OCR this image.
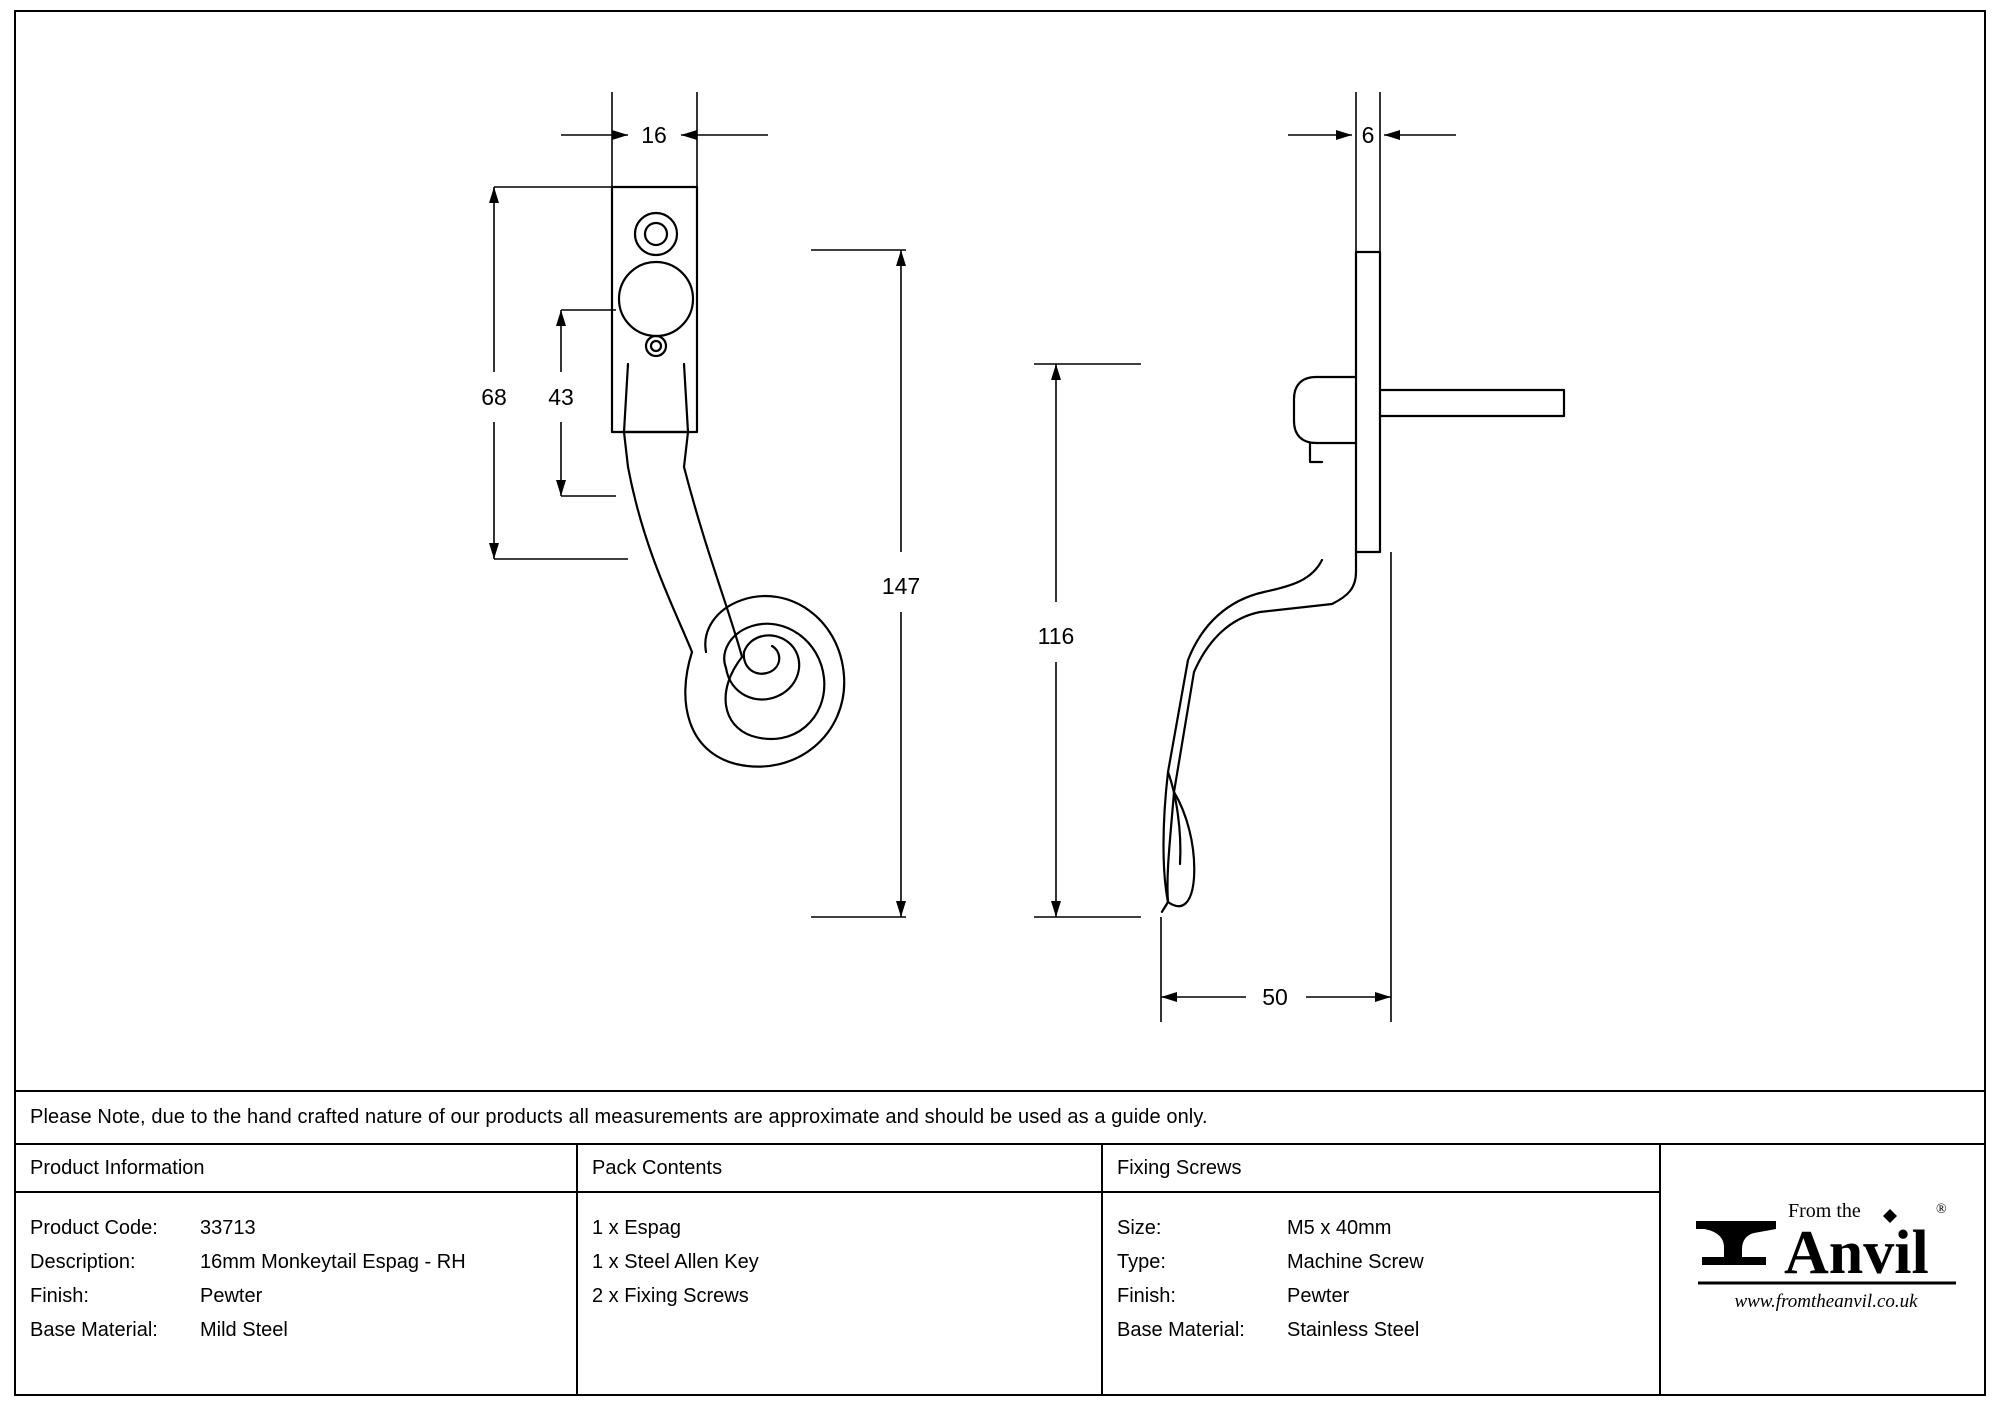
16
68 43
147
6
116
50
Please Note, due to the hand crafted nature of our products all measurements are approximate and should be used as a guide only.
Product Information
Product Code:	33713
Description:	16mm Monkeytail Espag - RH
Finish:	Pewter
Base Material:	Mild Steel
Pack Contents
1 x Espag
1 x Steel Allen Key
2 x Fixing Screws
Fixing Screws
Size:	M5 x 40mm
Type:	Machine Screw
Finish:	Pewter
Base Material:	Stainless Steel
From the	®
Anvil
www.fromtheanvil.co.uk
